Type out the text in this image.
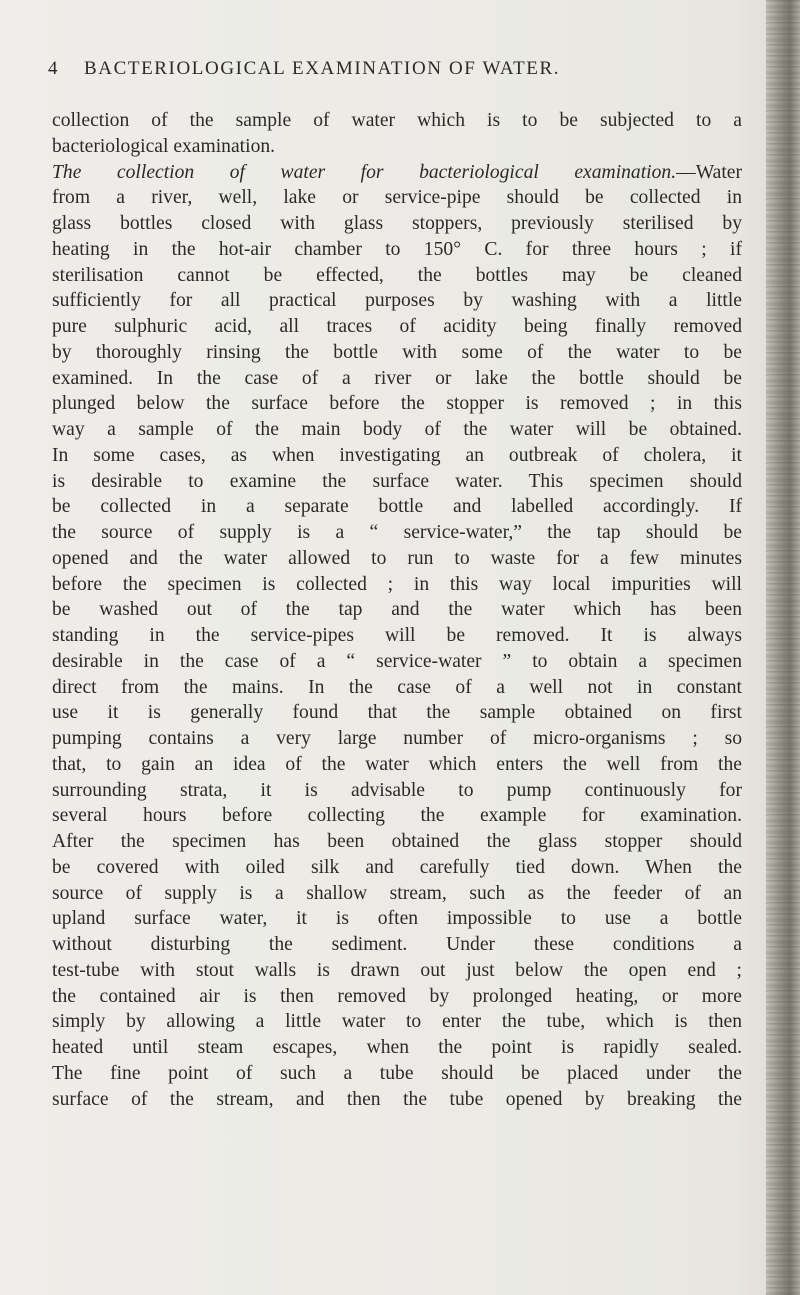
4 BACTERIOLOGICAL EXAMINATION OF WATER.
collection of the sample of water which is to be subjected to a
bacteriological examination.
The collection of water for bacteriological examination.—Water
from a river, well, lake or service-pipe should be collected in
glass bottles closed with glass stoppers, previously sterilised by
heating in the hot-air chamber to 150° C. for three hours ; if
sterilisation cannot be effected, the bottles may be cleaned
sufficiently for all practical purposes by washing with a little
pure sulphuric acid, all traces of acidity being finally removed
by thoroughly rinsing the bottle with some of the water to be
examined. In the case of a river or lake the bottle should be
plunged below the surface before the stopper is removed ; in this
way a sample of the main body of the water will be obtained.
In some cases, as when investigating an outbreak of cholera, it
is desirable to examine the surface water. This specimen should
be collected in a separate bottle and labelled accordingly. If
the source of supply is a “ service-water,” the tap should be
opened and the water allowed to run to waste for a few minutes
before the specimen is collected ; in this way local impurities will
be washed out of the tap and the water which has been
standing in the service-pipes will be removed. It is always
desirable in the case of a “ service-water ” to obtain a specimen
direct from the mains. In the case of a well not in constant
use it is generally found that the sample obtained on first
pumping contains a very large number of micro-organisms ; so
that, to gain an idea of the water which enters the well from the
surrounding strata, it is advisable to pump continuously for
several hours before collecting the example for examination.
After the specimen has been obtained the glass stopper should
be covered with oiled silk and carefully tied down. When the
source of supply is a shallow stream, such as the feeder of an
upland surface water, it is often impossible to use a bottle
without disturbing the sediment. Under these conditions a
test-tube with stout walls is drawn out just below the open end ;
the contained air is then removed by prolonged heating, or more
simply by allowing a little water to enter the tube, which is then
heated until steam escapes, when the point is rapidly sealed.
The fine point of such a tube should be placed under the
surface of the stream, and then the tube opened by breaking the
